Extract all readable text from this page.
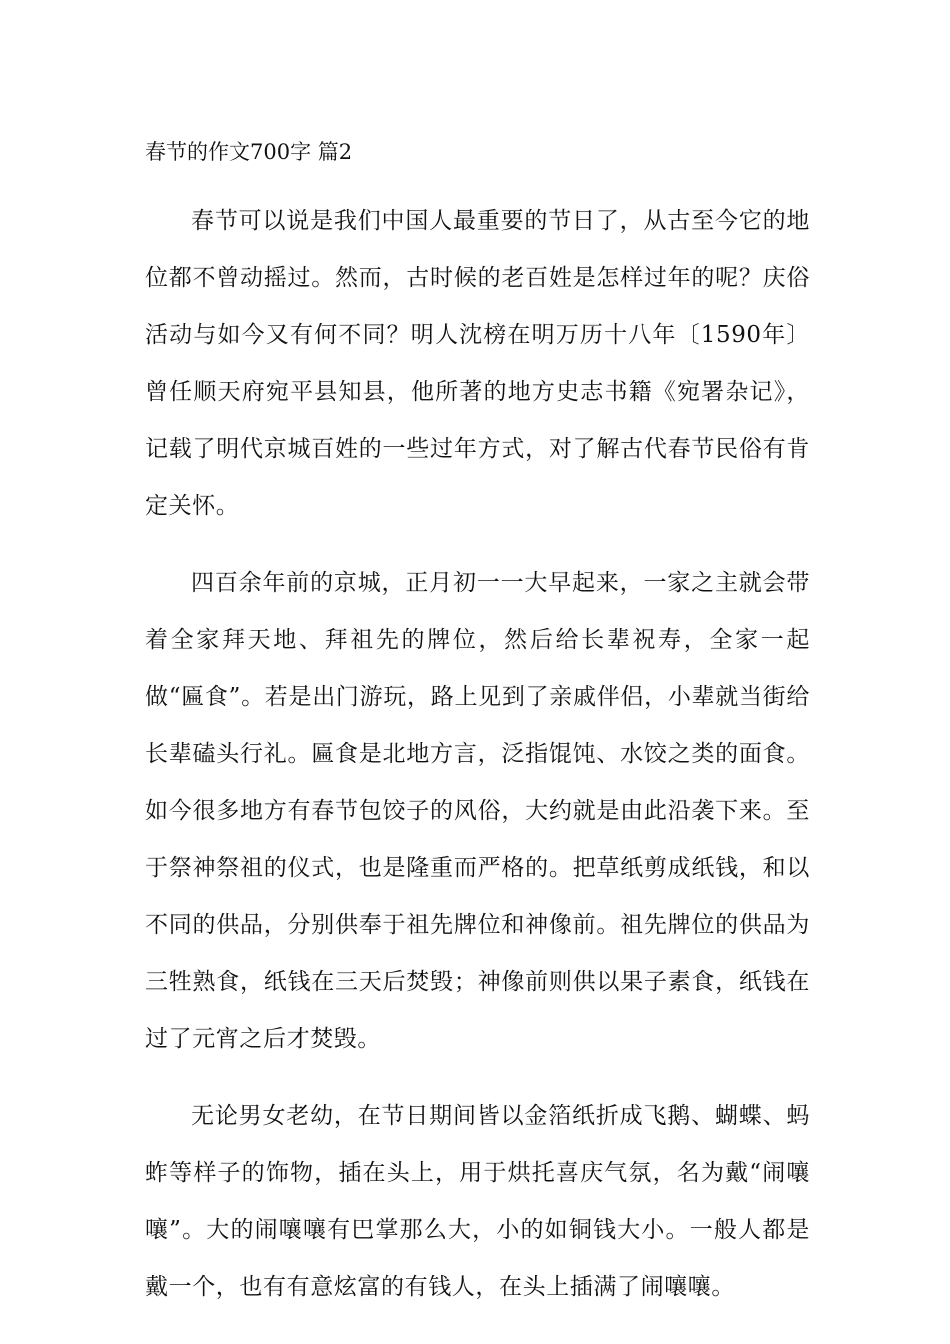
春节的作文700字 篇2

春节可以说是我们中国人最重要的节日了，从古至今它的地位都不曾动摇过。然而，古时候的老百姓是怎样过年的呢？庆俗活动与如今又有何不同？明人沈榜在明万历十八年〔1590年〕曾任顺天府宛平县知县，他所著的地方史志书籍《宛署杂记》，记载了明代京城百姓的一些过年方式，对了解古代春节民俗有肯定关怀。

四百余年前的京城，正月初一一大早起来，一家之主就会带着全家拜天地、拜祖先的牌位，然后给长辈祝寿，全家一起做“匾食”。若是出门游玩，路上见到了亲戚伴侣，小辈就当街给长辈磕头行礼。匾食是北地方言，泛指馄饨、水饺之类的面食。如今很多地方有春节包饺子的风俗，大约就是由此沿袭下来。至于祭神祭祖的仪式，也是隆重而严格的。把草纸剪成纸钱，和以不同的供品，分别供奉于祖先牌位和神像前。祖先牌位的供品为三牲熟食，纸钱在三天后焚毁；神像前则供以果子素食，纸钱在过了元宵之后才焚毁。

无论男女老幼，在节日期间皆以金箔纸折成飞鹅、蝴蝶、蚂蚱等样子的饰物，插在头上，用于烘托喜庆气氛，名为戴“闹嚷嚷”。大的闹嚷嚷有巴掌那么大，小的如铜钱大小。一般人都是戴一个，也有有意炫富的有钱人，在头上插满了闹嚷嚷。
